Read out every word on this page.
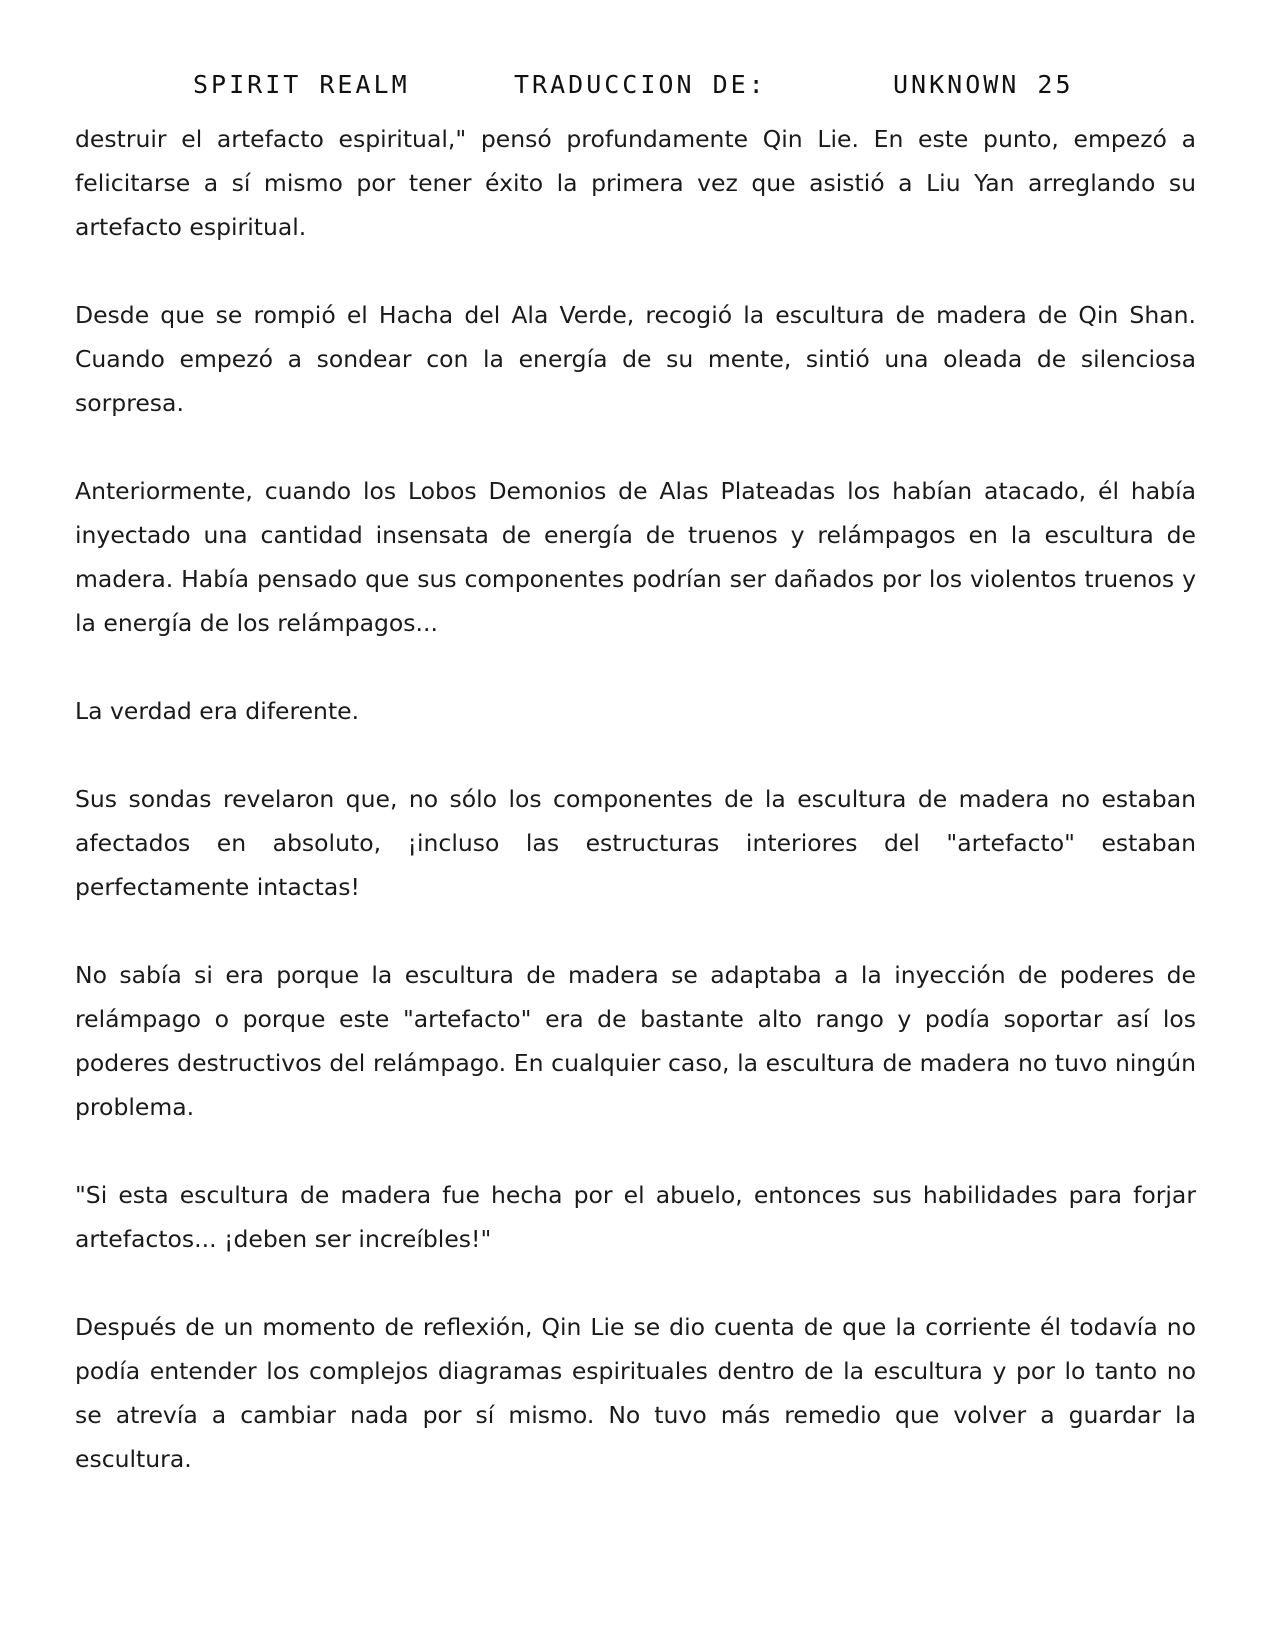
SPIRIT REALM	TRADUCCION DE:	UNKNOWN 25

destruir el artefacto espiritual," pensó profundamente Qin Lie. En este punto, empezó a felicitarse a sí mismo por tener éxito la primera vez que asistió a Liu Yan arreglando su artefacto espiritual.

Desde que se rompió el Hacha del Ala Verde, recogió la escultura de madera de Qin Shan. Cuando empezó a sondear con la energía de su mente, sintió una oleada de silenciosa sorpresa.

Anteriormente, cuando los Lobos Demonios de Alas Plateadas los habían atacado, él había inyectado una cantidad insensata de energía de truenos y relámpagos en la escultura de madera. Había pensado que sus componentes podrían ser dañados por los violentos truenos y la energía de los relámpagos...

La verdad era diferente.

Sus sondas revelaron que, no sólo los componentes de la escultura de madera no estaban afectados en absoluto, ¡incluso las estructuras interiores del "artefacto" estaban perfectamente intactas!

No sabía si era porque la escultura de madera se adaptaba a la inyección de poderes de relámpago o porque este "artefacto" era de bastante alto rango y podía soportar así los poderes destructivos del relámpago. En cualquier caso, la escultura de madera no tuvo ningún problema.

"Si esta escultura de madera fue hecha por el abuelo, entonces sus habilidades para forjar artefactos... ¡deben ser increíbles!"

Después de un momento de reflexión, Qin Lie se dio cuenta de que la corriente él todavía no podía entender los complejos diagramas espirituales dentro de la escultura y por lo tanto no se atrevía a cambiar nada por sí mismo. No tuvo más remedio que volver a guardar la escultura.
